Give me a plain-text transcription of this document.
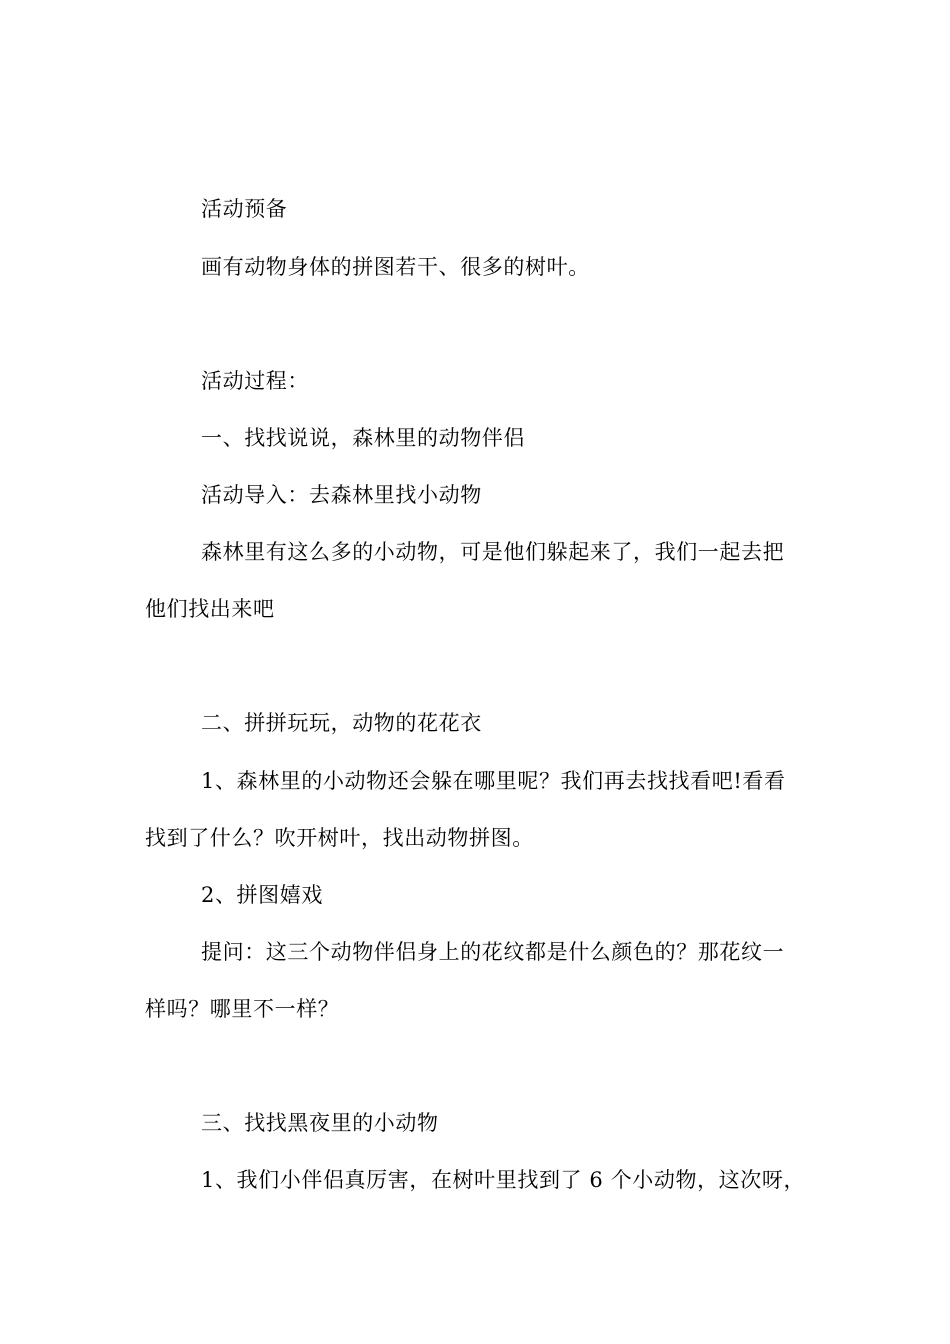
活动预备
画有动物身体的拼图若干、很多的树叶。
活动过程：
一、找找说说，森林里的动物伴侣
活动导入：去森林里找小动物
森林里有这么多的小动物，可是他们躲起来了，我们一起去把
他们找出来吧
二、拼拼玩玩，动物的花花衣
1、森林里的小动物还会躲在哪里呢？我们再去找找看吧!看看
找到了什么？吹开树叶，找出动物拼图。
2、拼图嬉戏
提问：这三个动物伴侣身上的花纹都是什么颜色的？那花纹一
样吗？哪里不一样？
三、找找黑夜里的小动物
1、我们小伴侣真厉害，在树叶里找到了 6 个小动物，这次呀，
